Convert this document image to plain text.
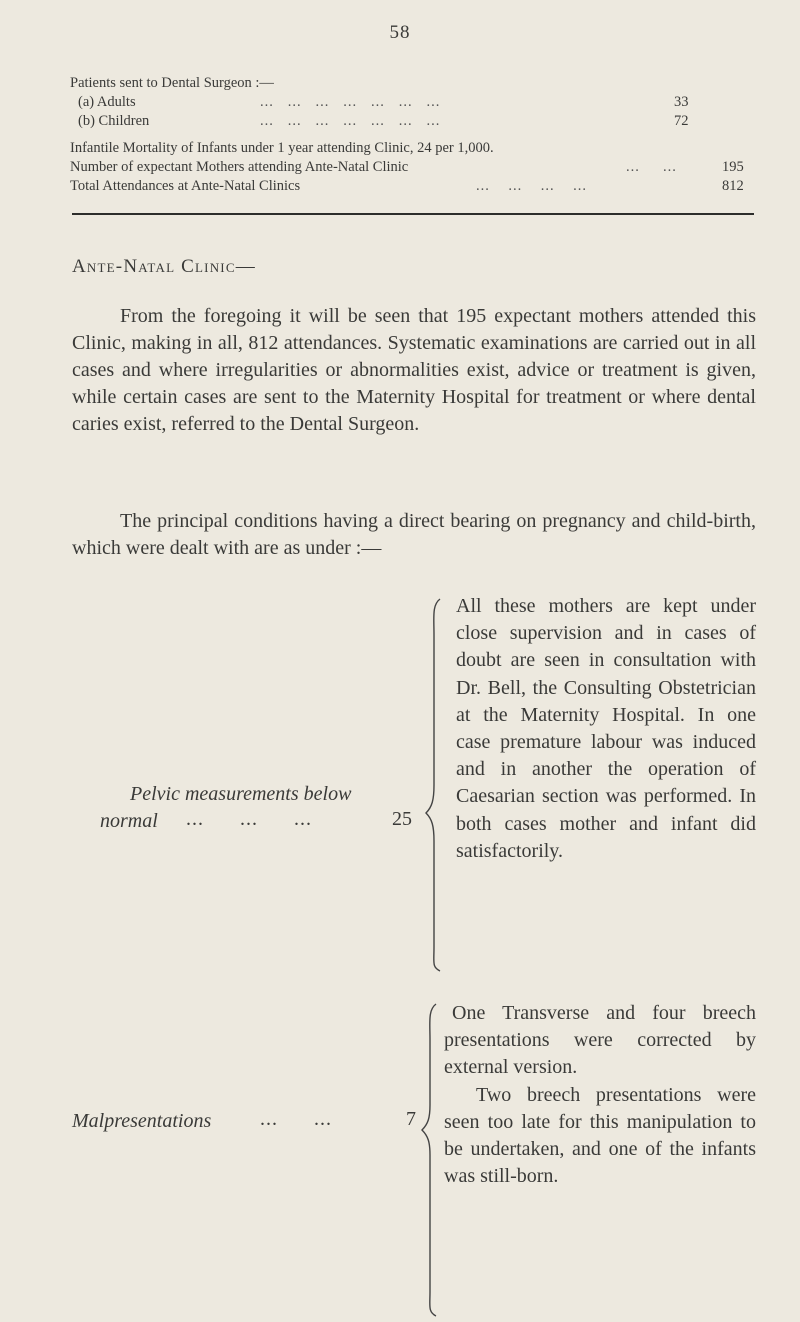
58
Patients sent to Dental Surgeon :—
(a) Adults	...   ...   ...   ...   ...   ...   ...	33
(b) Children	...   ...   ...   ...   ...   ...   ...	72
Infantile Mortality of Infants under 1 year attending Clinic, 24 per 1,000.
Number of expectant Mothers attending Ante-Natal Clinic	...     ...	195
Total Attendances at Ante-Natal Clinics	...    ...    ...    ...	812
Ante-Natal Clinic—
From the foregoing it will be seen that 195 expectant mothers attended this Clinic, making in all, 812 attendances. Systematic examinations are carried out in all cases and where irregularities or abnormalities exist, advice or treatment is given, while certain cases are sent to the Maternity Hospital for treatment or where dental caries exist, referred to the Dental Surgeon.
The principal conditions having a direct bearing on pregnancy and child-birth, which were dealt with are as under :—
Pelvic measurements below
normal ...      ...      ...	25
All these mothers are kept under close supervision and in cases of doubt are seen in consultation with Dr. Bell, the Consulting Obstetrician at the Maternity Hospital. In one case premature labour was induced and in another the operation of Caesarian section was performed. In both cases mother and infant did satisfactorily.
Malpresentations ...      ...	7
One Transverse and four breech presentations were corrected by external version.
Two breech presentations were seen too late for this manipulation to be undertaken, and one of the infants was still-born.
